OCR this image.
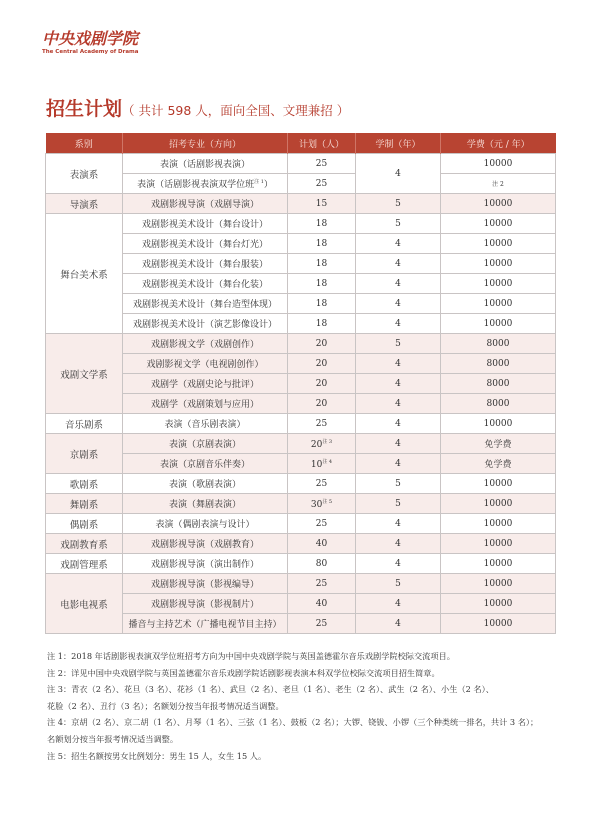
中央戏剧学院
The Central Academy of Drama
招生计划（ 共计 598 人，面向全国、文理兼招 ）
系别	招考专业（方向）	计划（人）	学制（年）	学费（元 / 年）
表演系	表演（话剧影视表演）	25	4	10000
	表演（话剧影视表演双学位班$^{注 1}$）	25		注 2
导演系	戏剧影视导演（戏剧导演）	15	5	10000
舞台美术系	戏剧影视美术设计（舞台设计）	18	5	10000
	戏剧影视美术设计（舞台灯光）	18	4	10000
	戏剧影视美术设计（舞台服装）	18	4	10000
	戏剧影视美术设计（舞台化装）	18	4	10000
	戏剧影视美术设计（舞台造型体现）	18	4	10000
	戏剧影视美术设计（演艺影像设计）	18	4	10000
戏剧文学系	戏剧影视文学（戏剧创作）	20	5	8000
	戏剧影视文学（电视剧创作）	20	4	8000
	戏剧学（戏剧史论与批评）	20	4	8000
	戏剧学（戏剧策划与应用）	20	4	8000
音乐剧系	表演（音乐剧表演）	25	4	10000
京剧系	表演（京剧表演）	$20^{注 3}$	4	免学费
	表演（京剧音乐伴奏）	$10^{注 4}$	4	免学费
歌剧系	表演（歌剧表演）	25	5	10000
舞剧系	表演（舞剧表演）	$30^{注 5}$	5	10000
偶剧系	表演（偶剧表演与设计）	25	4	10000
戏剧教育系	戏剧影视导演（戏剧教育）	40	4	10000
戏剧管理系	戏剧影视导演（演出制作）	80	4	10000
电影电视系	戏剧影视导演（影视编导）	25	5	10000
	戏剧影视导演（影视制片）	40	4	10000
	播音与主持艺术（广播电视节目主持）	25	4	10000
注 1：2018 年话剧影视表演双学位班招考方向为中国中央戏剧学院与英国盖德霍尔音乐戏剧学院校际交流项目。
注 2：详见中国中央戏剧学院与英国盖德霍尔音乐戏剧学院话剧影视表演本科双学位校际交流项目招生简章。
注 3：青衣（2 名）、花旦（3 名）、花衫（1 名）、武旦（2 名）、老旦（1 名）、老生（2 名）、武生（2 名）、小生（2 名）、
花脸（2 名）、丑行（3 名）；名额划分按当年报考情况适当调整。
注 4：京胡（2 名）、京二胡（1 名）、月琴（1 名）、三弦（1 名）、鼓板（2 名）；大锣、铙钹、小锣（三个种类统一排名，共计 3 名）；
名额划分按当年报考情况适当调整。
注 5：招生名额按男女比例划分：男生 15 人，女生 15 人。
